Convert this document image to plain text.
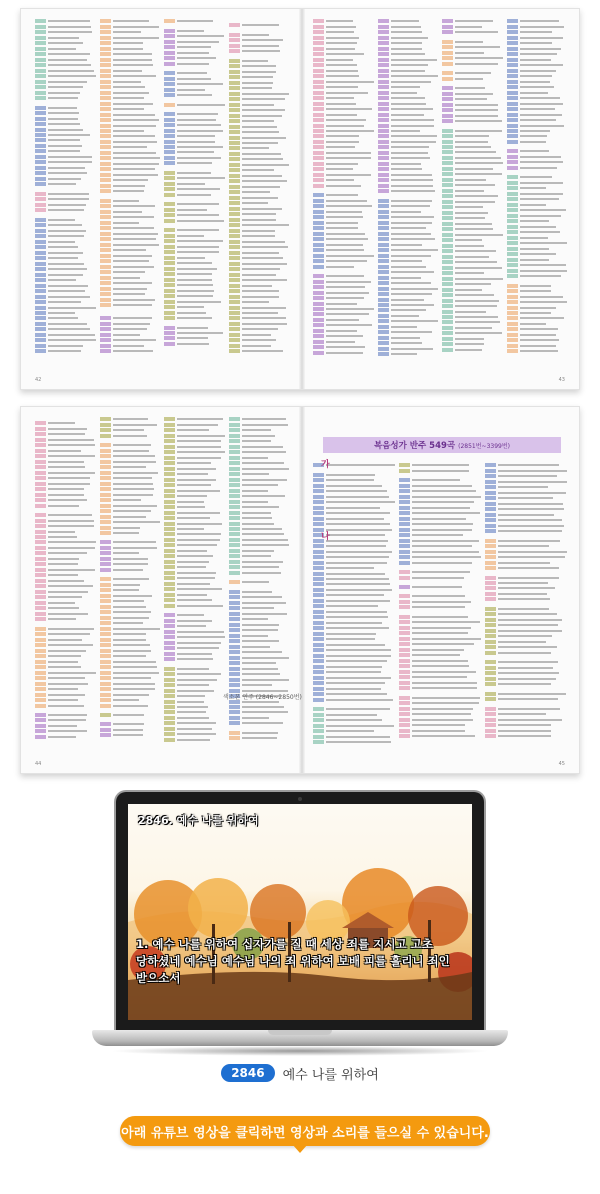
42	43
복음성가 반주 549곡 (2851번~3399번)
가
나
색소폰 연주 (2846~2850번)
44	45
2846. 예수 나를 위하여
1. 예수 나를 위하여 십자가를 질 때 세상 죄를 지시고 고초
당하셨네 예수님 예수님 나의 죄 위하여 보배 피를 흘리니 죄인
받으소서
2846	예수 나를 위하여
아래 유튜브 영상을 클릭하면 영상과 소리를 들으실 수 있습니다.
